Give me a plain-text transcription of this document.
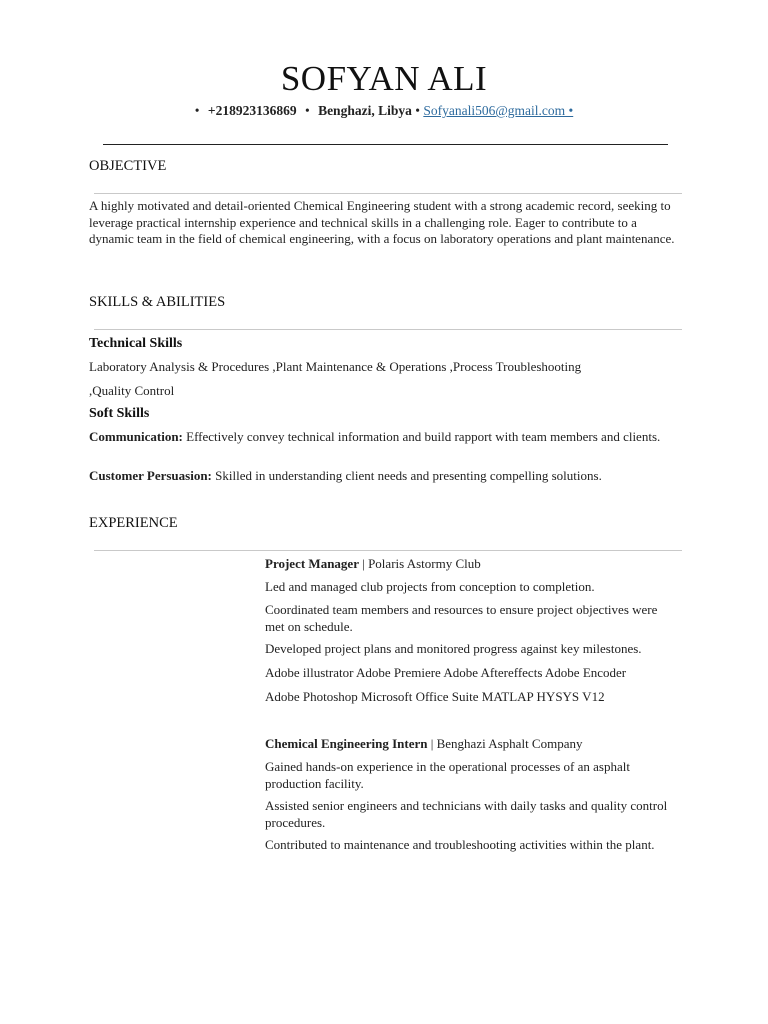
SOFYAN ALI
• +218923136869 • Benghazi, Libya • Sofyanali506@gmail.com •
OBJECTIVE
A highly motivated and detail-oriented Chemical Engineering student with a strong academic record, seeking to leverage practical internship experience and technical skills in a challenging role. Eager to contribute to a dynamic team in the field of chemical engineering, with a focus on laboratory operations and plant maintenance.
SKILLS & ABILITIES
Technical Skills
Laboratory Analysis & Procedures ,Plant Maintenance & Operations ,Process Troubleshooting
,Quality Control
Soft Skills
Communication: Effectively convey technical information and build rapport with team members and clients.
Customer Persuasion: Skilled in understanding client needs and presenting compelling solutions.
EXPERIENCE
Project Manager | Polaris Astormy Club
Led and managed club projects from conception to completion.
Coordinated team members and resources to ensure project objectives were met on schedule.
Developed project plans and monitored progress against key milestones.
Adobe illustrator Adobe Premiere Adobe Aftereffects Adobe Encoder
Adobe Photoshop Microsoft Office Suite MATLAP HYSYS V12
Chemical Engineering Intern | Benghazi Asphalt Company
Gained hands-on experience in the operational processes of an asphalt production facility.
Assisted senior engineers and technicians with daily tasks and quality control procedures.
Contributed to maintenance and troubleshooting activities within the plant.
